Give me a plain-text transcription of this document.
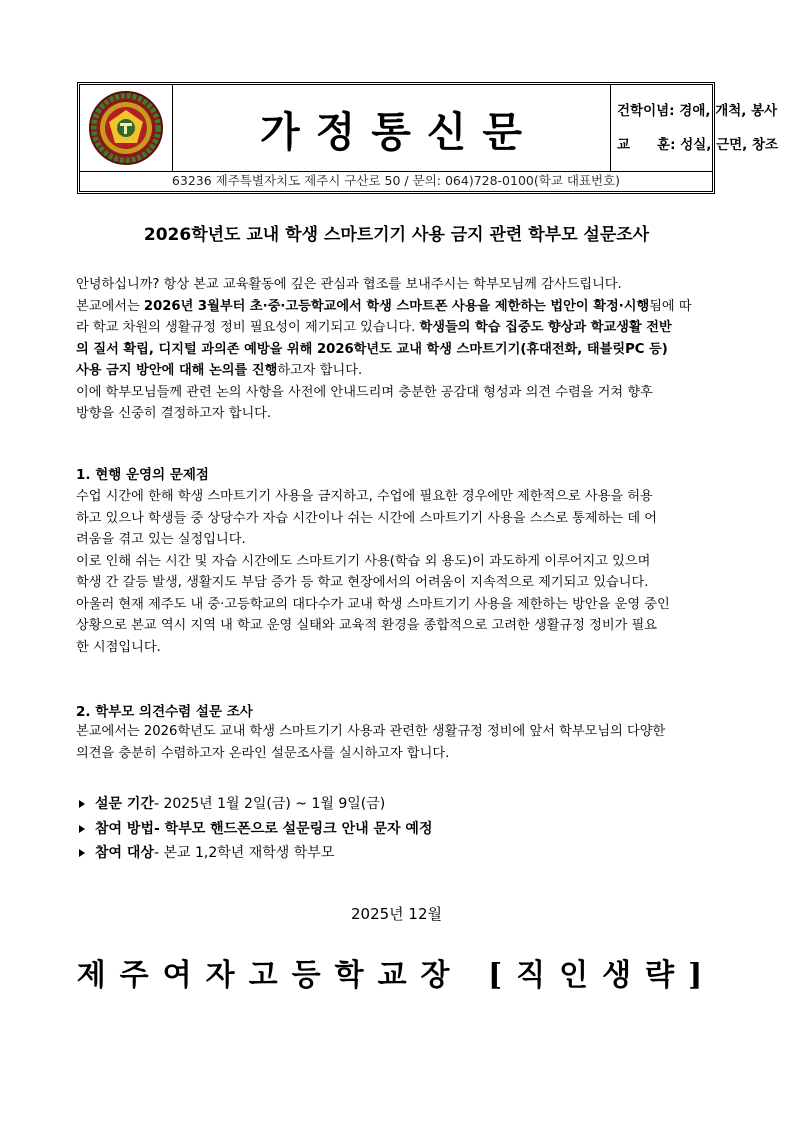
가정통신문	건학이념: 경애, 개척, 봉사
교　　훈: 성실, 근면, 창조
63236 제주특별자치도 제주시 구산로 50 / 문의: 064)728-0100(학교 대표번호)
2026학년도 교내 학생 스마트기기 사용 금지 관련 학부모 설문조사
안녕하십니까? 항상 본교 교육활동에 깊은 관심과 협조를 보내주시는 학부모님께 감사드립니다.
본교에서는 2026년 3월부터 초·중·고등학교에서 학생 스마트폰 사용을 제한하는 법안이 확정·시행됨에 따
라 학교 차원의 생활규정 정비 필요성이 제기되고 있습니다. 학생들의 학습 집중도 향상과 학교생활 전반
의 질서 확립, 디지털 과의존 예방을 위해 2026학년도 교내 학생 스마트기기(휴대전화, 태블릿PC 등)
사용 금지 방안에 대해 논의를 진행하고자 합니다.
이에 학부모님들께 관련 논의 사항을 사전에 안내드리며 충분한 공감대 형성과 의견 수렴을 거쳐 향후
방향을 신중히 결정하고자 합니다.
1. 현행 운영의 문제점
수업 시간에 한해 학생 스마트기기 사용을 금지하고, 수업에 필요한 경우에만 제한적으로 사용을 허용
하고 있으나 학생들 중 상당수가 자습 시간이나 쉬는 시간에 스마트기기 사용을 스스로 통제하는 데 어
려움을 겪고 있는 실정입니다.
이로 인해 쉬는 시간 및 자습 시간에도 스마트기기 사용(학습 외 용도)이 과도하게 이루어지고 있으며
학생 간 갈등 발생, 생활지도 부담 증가 등 학교 현장에서의 어려움이 지속적으로 제기되고 있습니다.
아울러 현재 제주도 내 중·고등학교의 대다수가 교내 학생 스마트기기 사용을 제한하는 방안을 운영 중인
상황으로 본교 역시 지역 내 학교 운영 실태와 교육적 환경을 종합적으로 고려한 생활규정 정비가 필요
한 시점입니다.
2. 학부모 의견수렴 설문 조사
본교에서는 2026학년도 교내 학생 스마트기기 사용과 관련한 생활규정 정비에 앞서 학부모님의 다양한
의견을 충분히 수렴하고자 온라인 설문조사를 실시하고자 합니다.
설문 기간 - 2025년 1월 2일(금) ~ 1월 9일(금)
참여 방법 - 학부모 핸드폰으로 설문링크 안내 문자 예정
참여 대상 - 본교 1,2학년 재학생 학부모
2025년 12월
제주여자고등학교장 [직인생략]
